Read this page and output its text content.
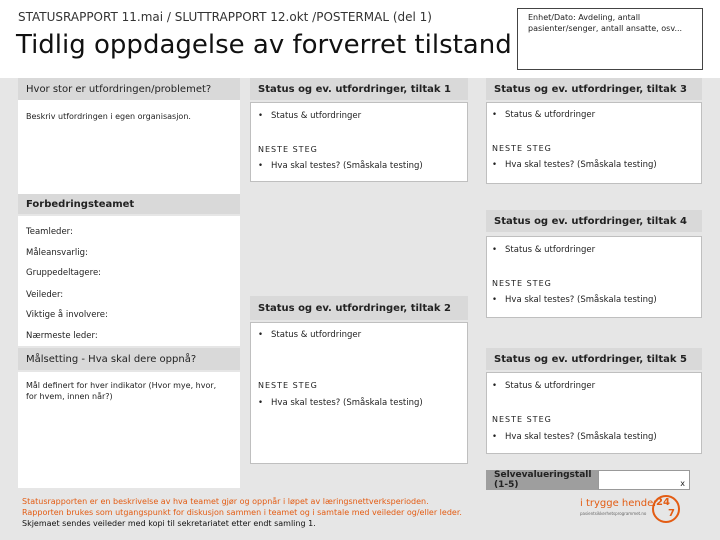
STATUSRAPPORT 11.mai / SLUTTRAPPORT 12.okt /POSTERMAL (del 1)
Tidlig oppdagelse av forverret tilstand
Enhet/Dato: Avdeling, antall pasienter/senger, antall ansatte, osv...
Hvor stor er utfordringen/problemet?
Beskriv utfordringen i egen organisasjon.
Forbedringsteamet
Teamleder:
Måleansvarlig:
Gruppedeltagere:
Veileder:
Viktige å involvere:
Nærmeste leder:
Målsetting - Hva skal dere oppnå?
Mål definert for hver indikator (Hvor mye, hvor, for hvem, innen når?)
Status og ev. utfordringer, tiltak 1
• Status & utfordringer
NESTE STEG
• Hva skal testes? (Småskala testing)
Status og ev. utfordringer, tiltak 2
• Status & utfordringer
NESTE STEG
• Hva skal testes? (Småskala testing)
Status og ev. utfordringer, tiltak 3
• Status & utfordringer
NESTE STEG
• Hva skal testes? (Småskala testing)
Status og ev. utfordringer, tiltak 4
• Status & utfordringer
NESTE STEG
• Hva skal testes? (Småskala testing)
Status og ev. utfordringer, tiltak 5
• Status & utfordringer
NESTE STEG
• Hva skal testes? (Småskala testing)
Selvevalueringstall (1-5)	x
Statusrapporten er en beskrivelse av hva teamet gjør og oppnår i løpet av læringsnettverksperioden. Rapporten brukes som utgangspunkt for diskusjon sammen i teamet og i samtale med veileder og/eller leder. Skjemaet sendes veileder med kopi til sekretariatet etter endt samling 1.
i trygge hender
pasientsikkerhetsprogrammet.no
24
7
